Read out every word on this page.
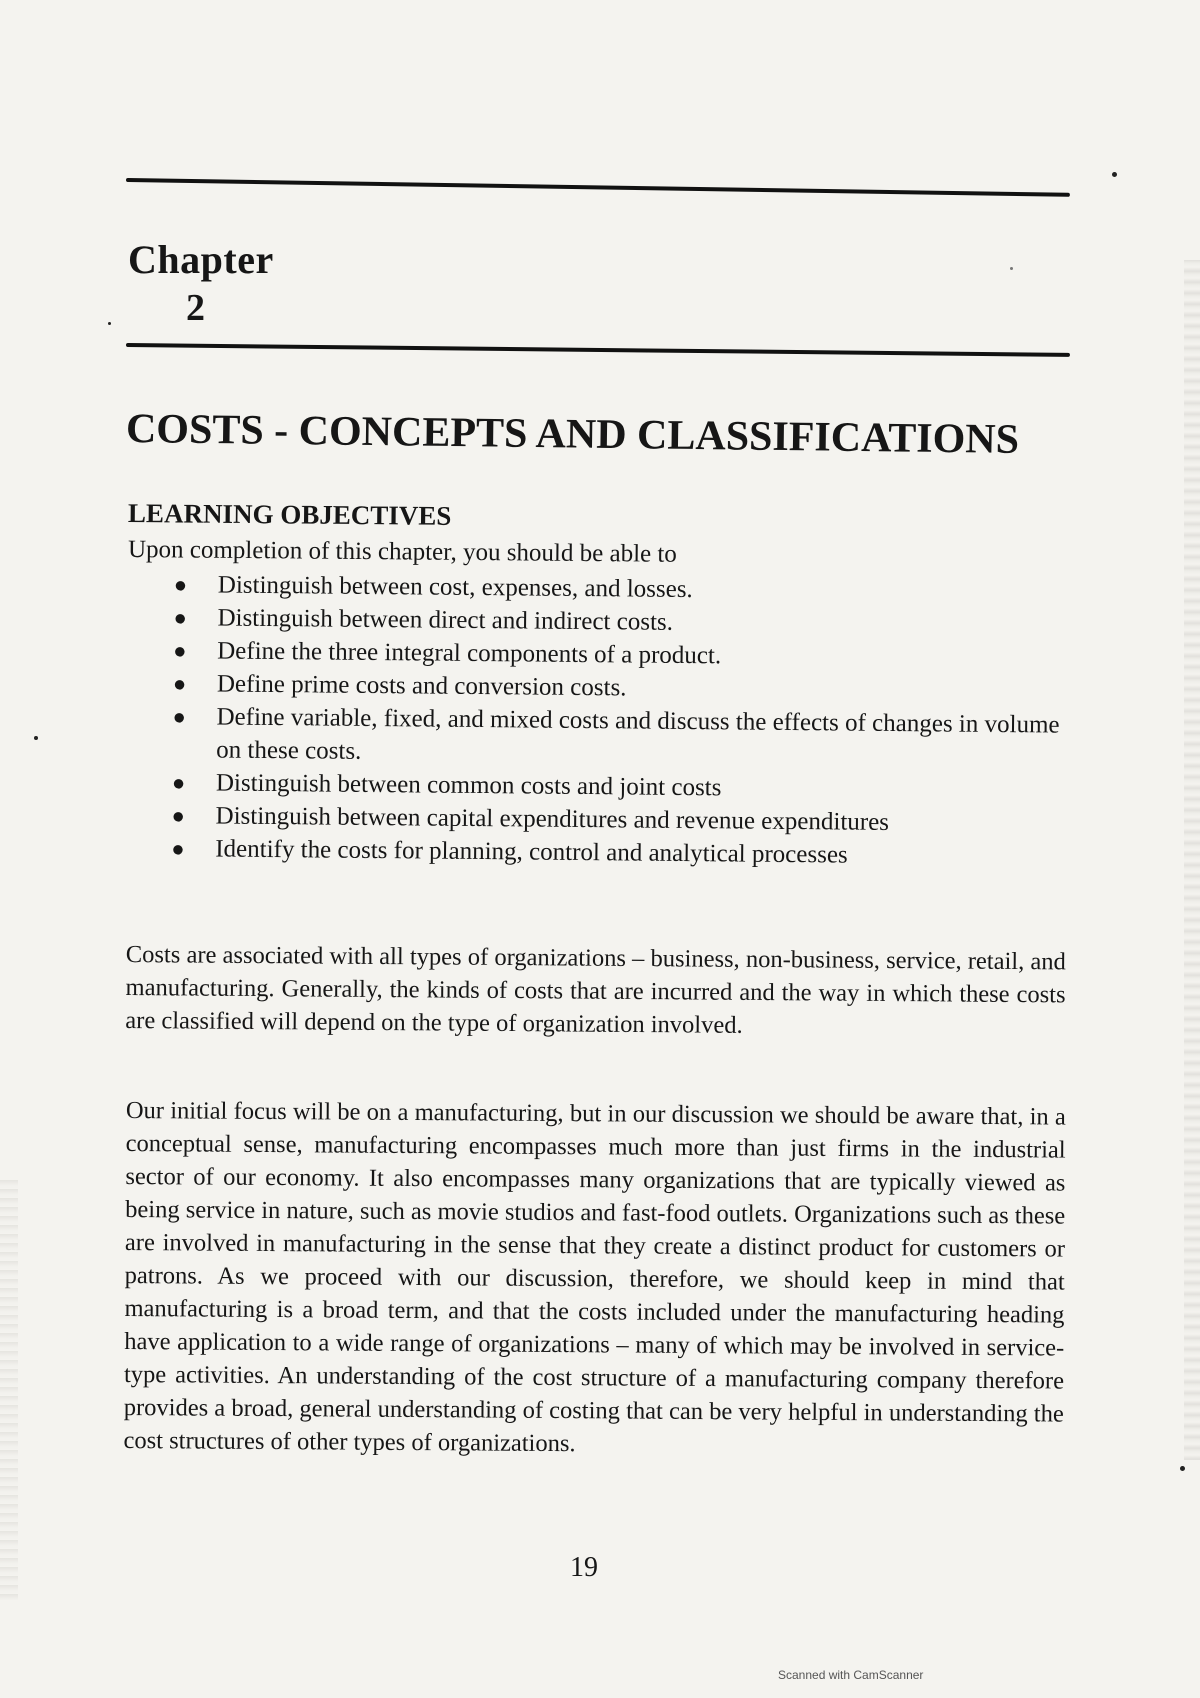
Chapter
2
COSTS - CONCEPTS AND CLASSIFICATIONS
LEARNING OBJECTIVES
Upon completion of this chapter, you should be able to
● Distinguish between cost, expenses, and losses.
● Distinguish between direct and indirect costs.
● Define the three integral components of a product.
● Define prime costs and conversion costs.
● Define variable, fixed, and mixed costs and discuss the effects of changes in volume on these costs.
● Distinguish between common costs and joint costs
● Distinguish between capital expenditures and revenue expenditures
● Identify the costs for planning, control and analytical processes

Costs are associated with all types of organizations – business, non-business, service, retail, and manufacturing. Generally, the kinds of costs that are incurred and the way in which these costs are classified will depend on the type of organization involved.

Our initial focus will be on a manufacturing, but in our discussion we should be aware that, in a conceptual sense, manufacturing encompasses much more than just firms in the industrial sector of our economy. It also encompasses many organizations that are typically viewed as being service in nature, such as movie studios and fast-food outlets. Organizations such as these are involved in manufacturing in the sense that they create a distinct product for customers or patrons. As we proceed with our discussion, therefore, we should keep in mind that manufacturing is a broad term, and that the costs included under the manufacturing heading have application to a wide range of organizations – many of which may be involved in service-type activities. An understanding of the cost structure of a manufacturing company therefore provides a broad, general understanding of costing that can be very helpful in understanding the cost structures of other types of organizations.

19
Scanned with CamScanner
